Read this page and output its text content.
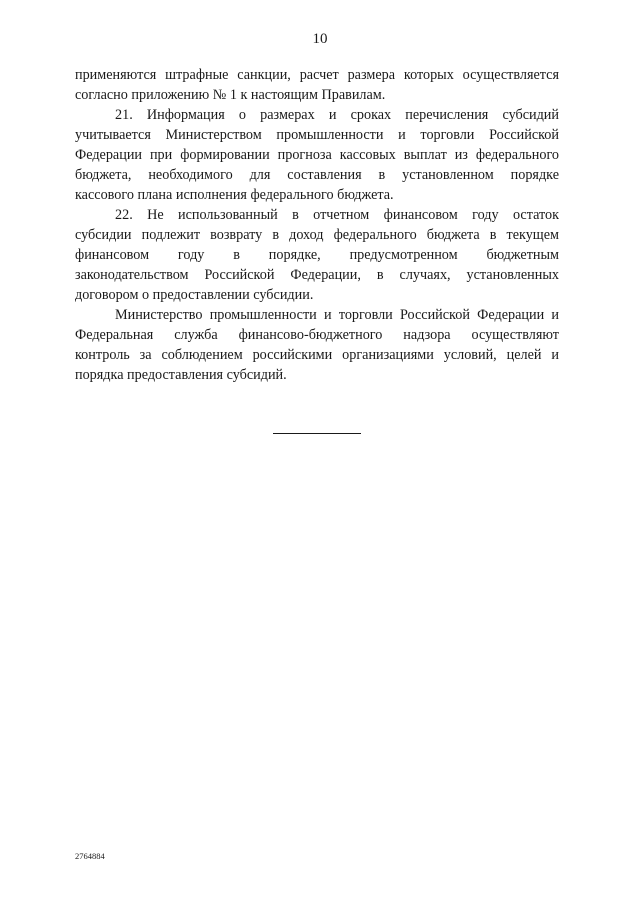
10
применяются штрафные санкции, расчет размера которых осуществляется
согласно приложению № 1 к настоящим Правилам.
21. Информация о размерах и сроках перечисления субсидий
учитывается Министерством промышленности и торговли Российской
Федерации при формировании прогноза кассовых выплат из федерального
бюджета, необходимого для составления в установленном порядке
кассового плана исполнения федерального бюджета.
22. Не использованный в отчетном финансовом году остаток
субсидии подлежит возврату в доход федерального бюджета в текущем
финансовом году в порядке, предусмотренном бюджетным
законодательством Российской Федерации, в случаях, установленных
договором о предоставлении субсидии.
Министерство промышленности и торговли Российской Федерации и
Федеральная служба финансово-бюджетного надзора осуществляют
контроль за соблюдением российскими организациями условий, целей и
порядка предоставления субсидий.
2764884
